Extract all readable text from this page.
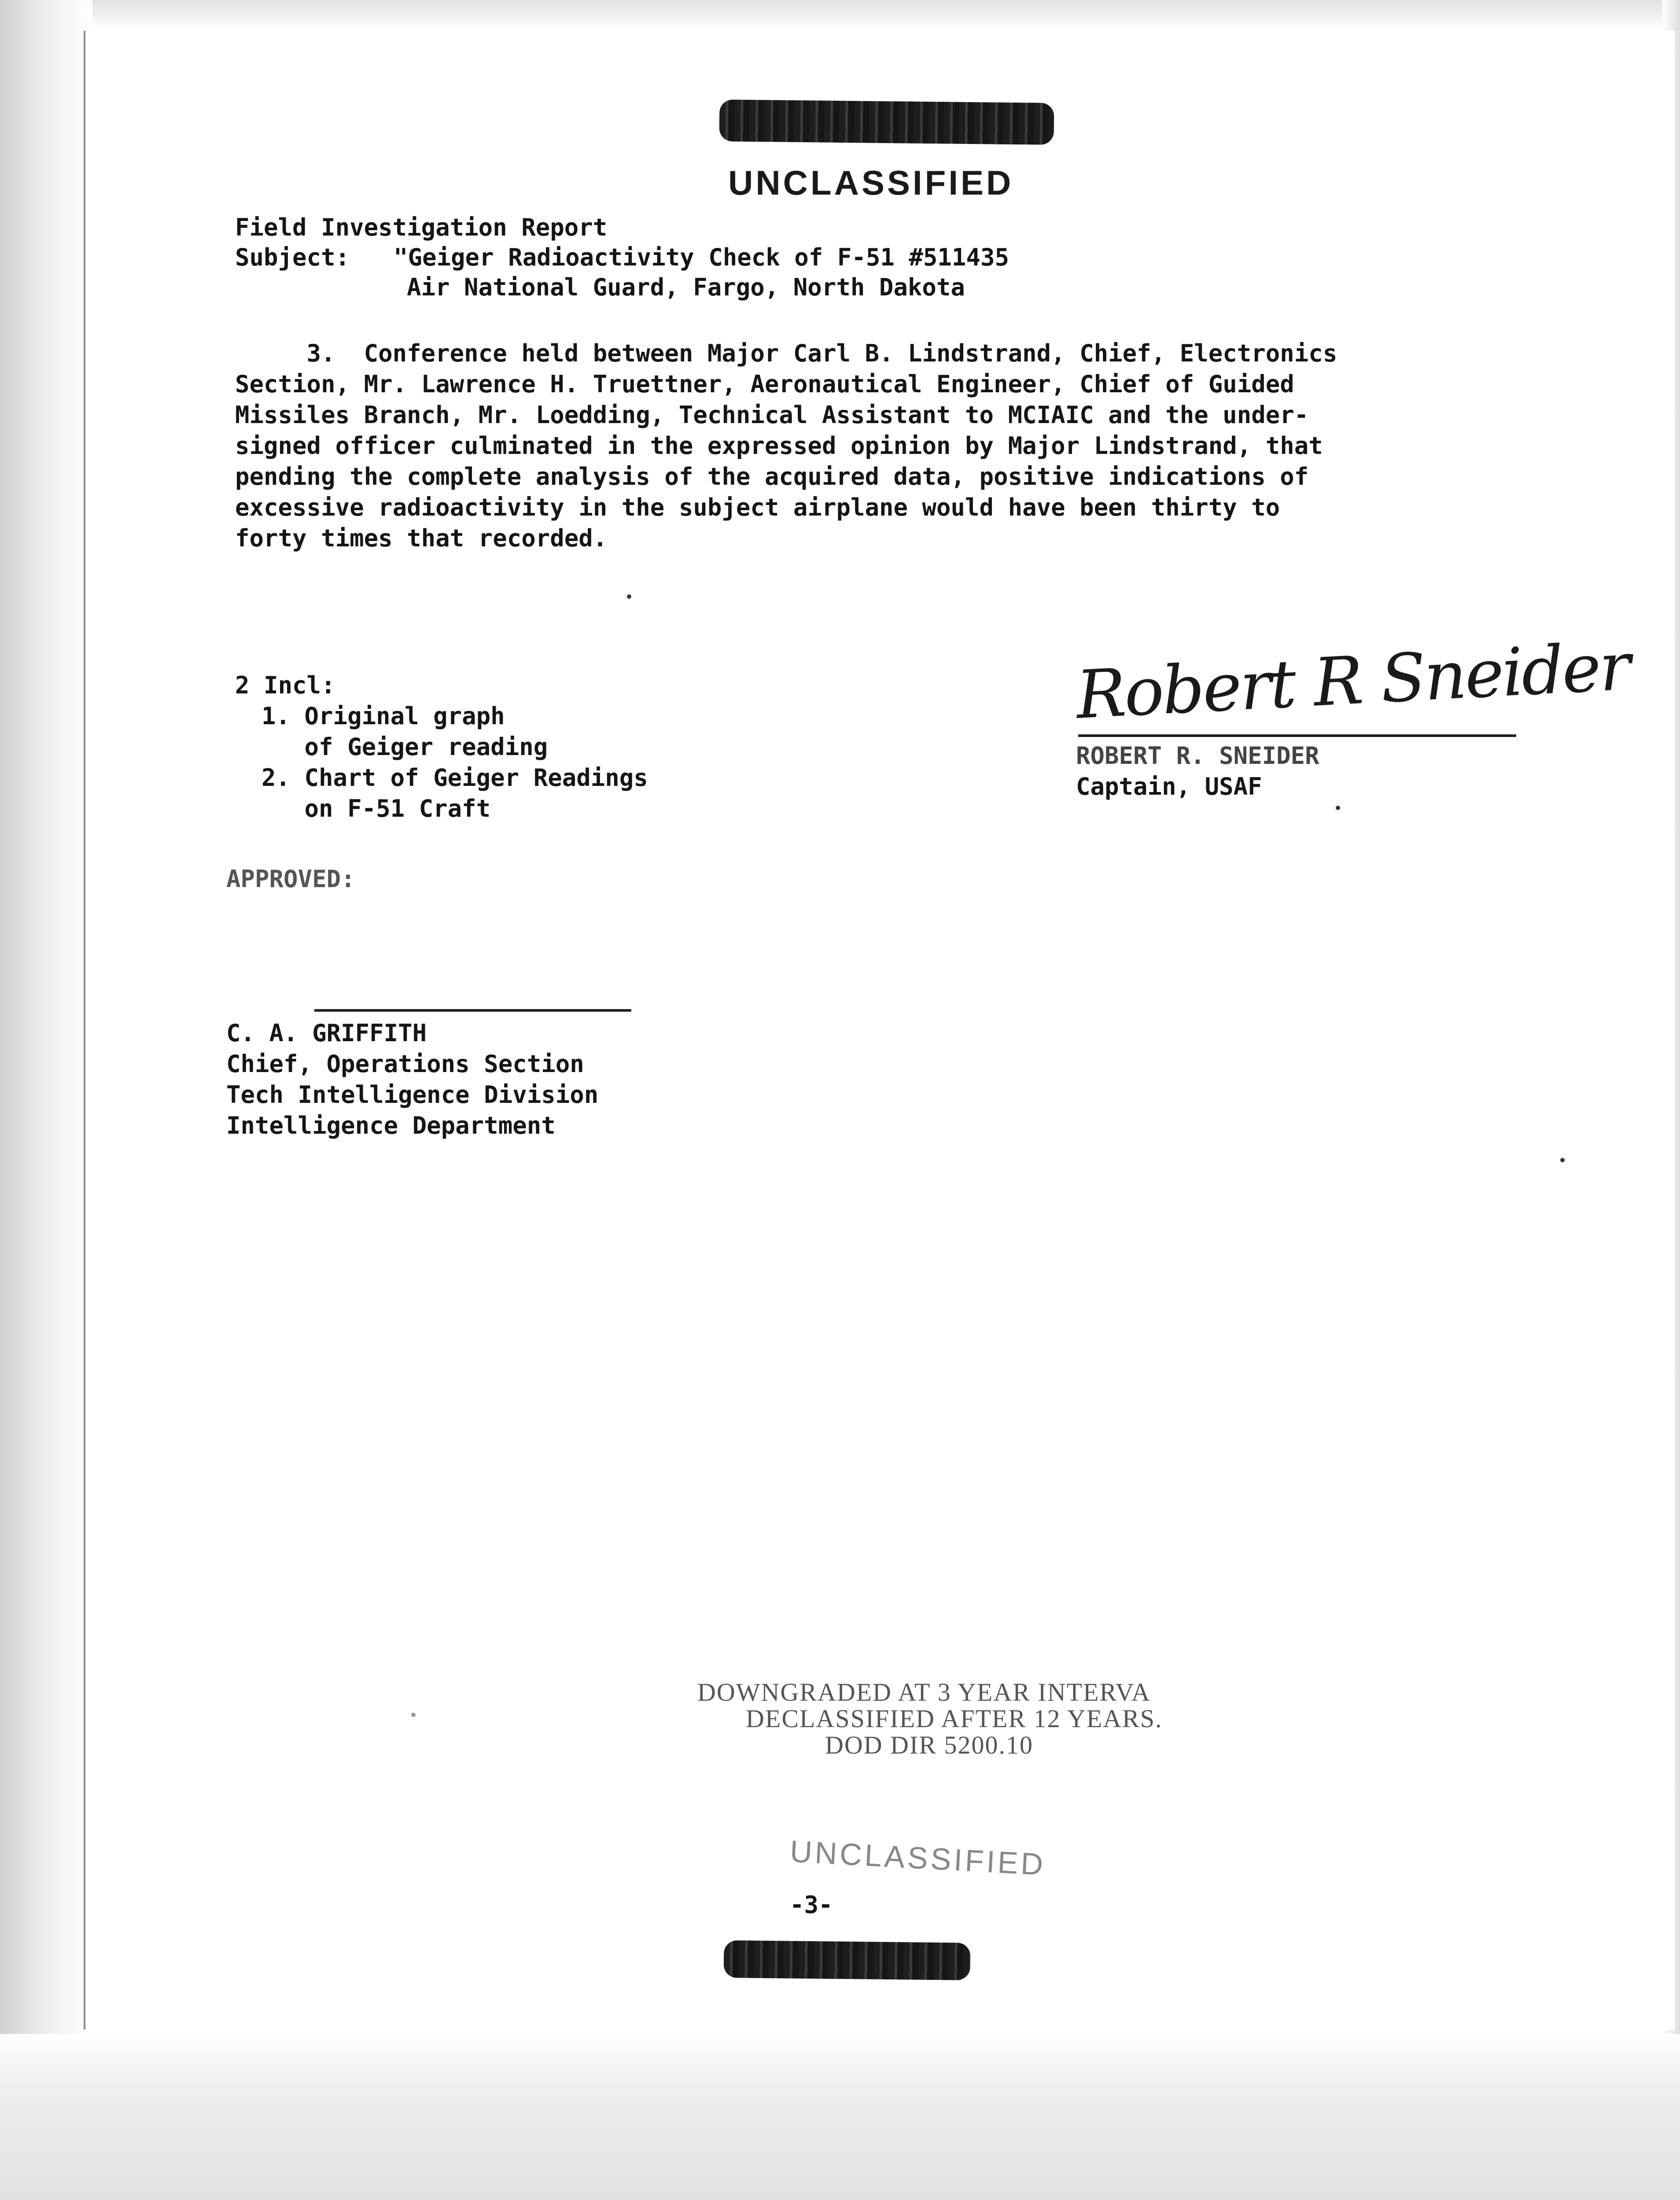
UNCLASSIFIED
Field Investigation Report
Subject: "Geiger Radioactivity Check of F-51 #511435
Air National Guard, Fargo, North Dakota
3.  Conference held between Major Carl B. Lindstrand, Chief, Electronics
Section, Mr. Lawrence H. Truettner, Aeronautical Engineer, Chief of Guided
Missiles Branch, Mr. Loedding, Technical Assistant to MCIAIC and the under-
signed officer culminated in the expressed opinion by Major Lindstrand, that
pending the complete analysis of the acquired data, positive indications of
excessive radioactivity in the subject airplane would have been thirty to
forty times that recorded.
2 Incl:
1. Original graph
of Geiger reading
2. Chart of Geiger Readings
on F-51 Craft
Robert R Sneider
ROBERT R. SNEIDER
Captain, USAF
APPROVED:
C. A. GRIFFITH
Chief, Operations Section
Tech Intelligence Division
Intelligence Department
DOWNGRADED AT 3 YEAR INTERVA
DECLASSIFIED AFTER 12 YEARS.
DOD DIR 5200.10
UNCLASSIFIED
-3-
